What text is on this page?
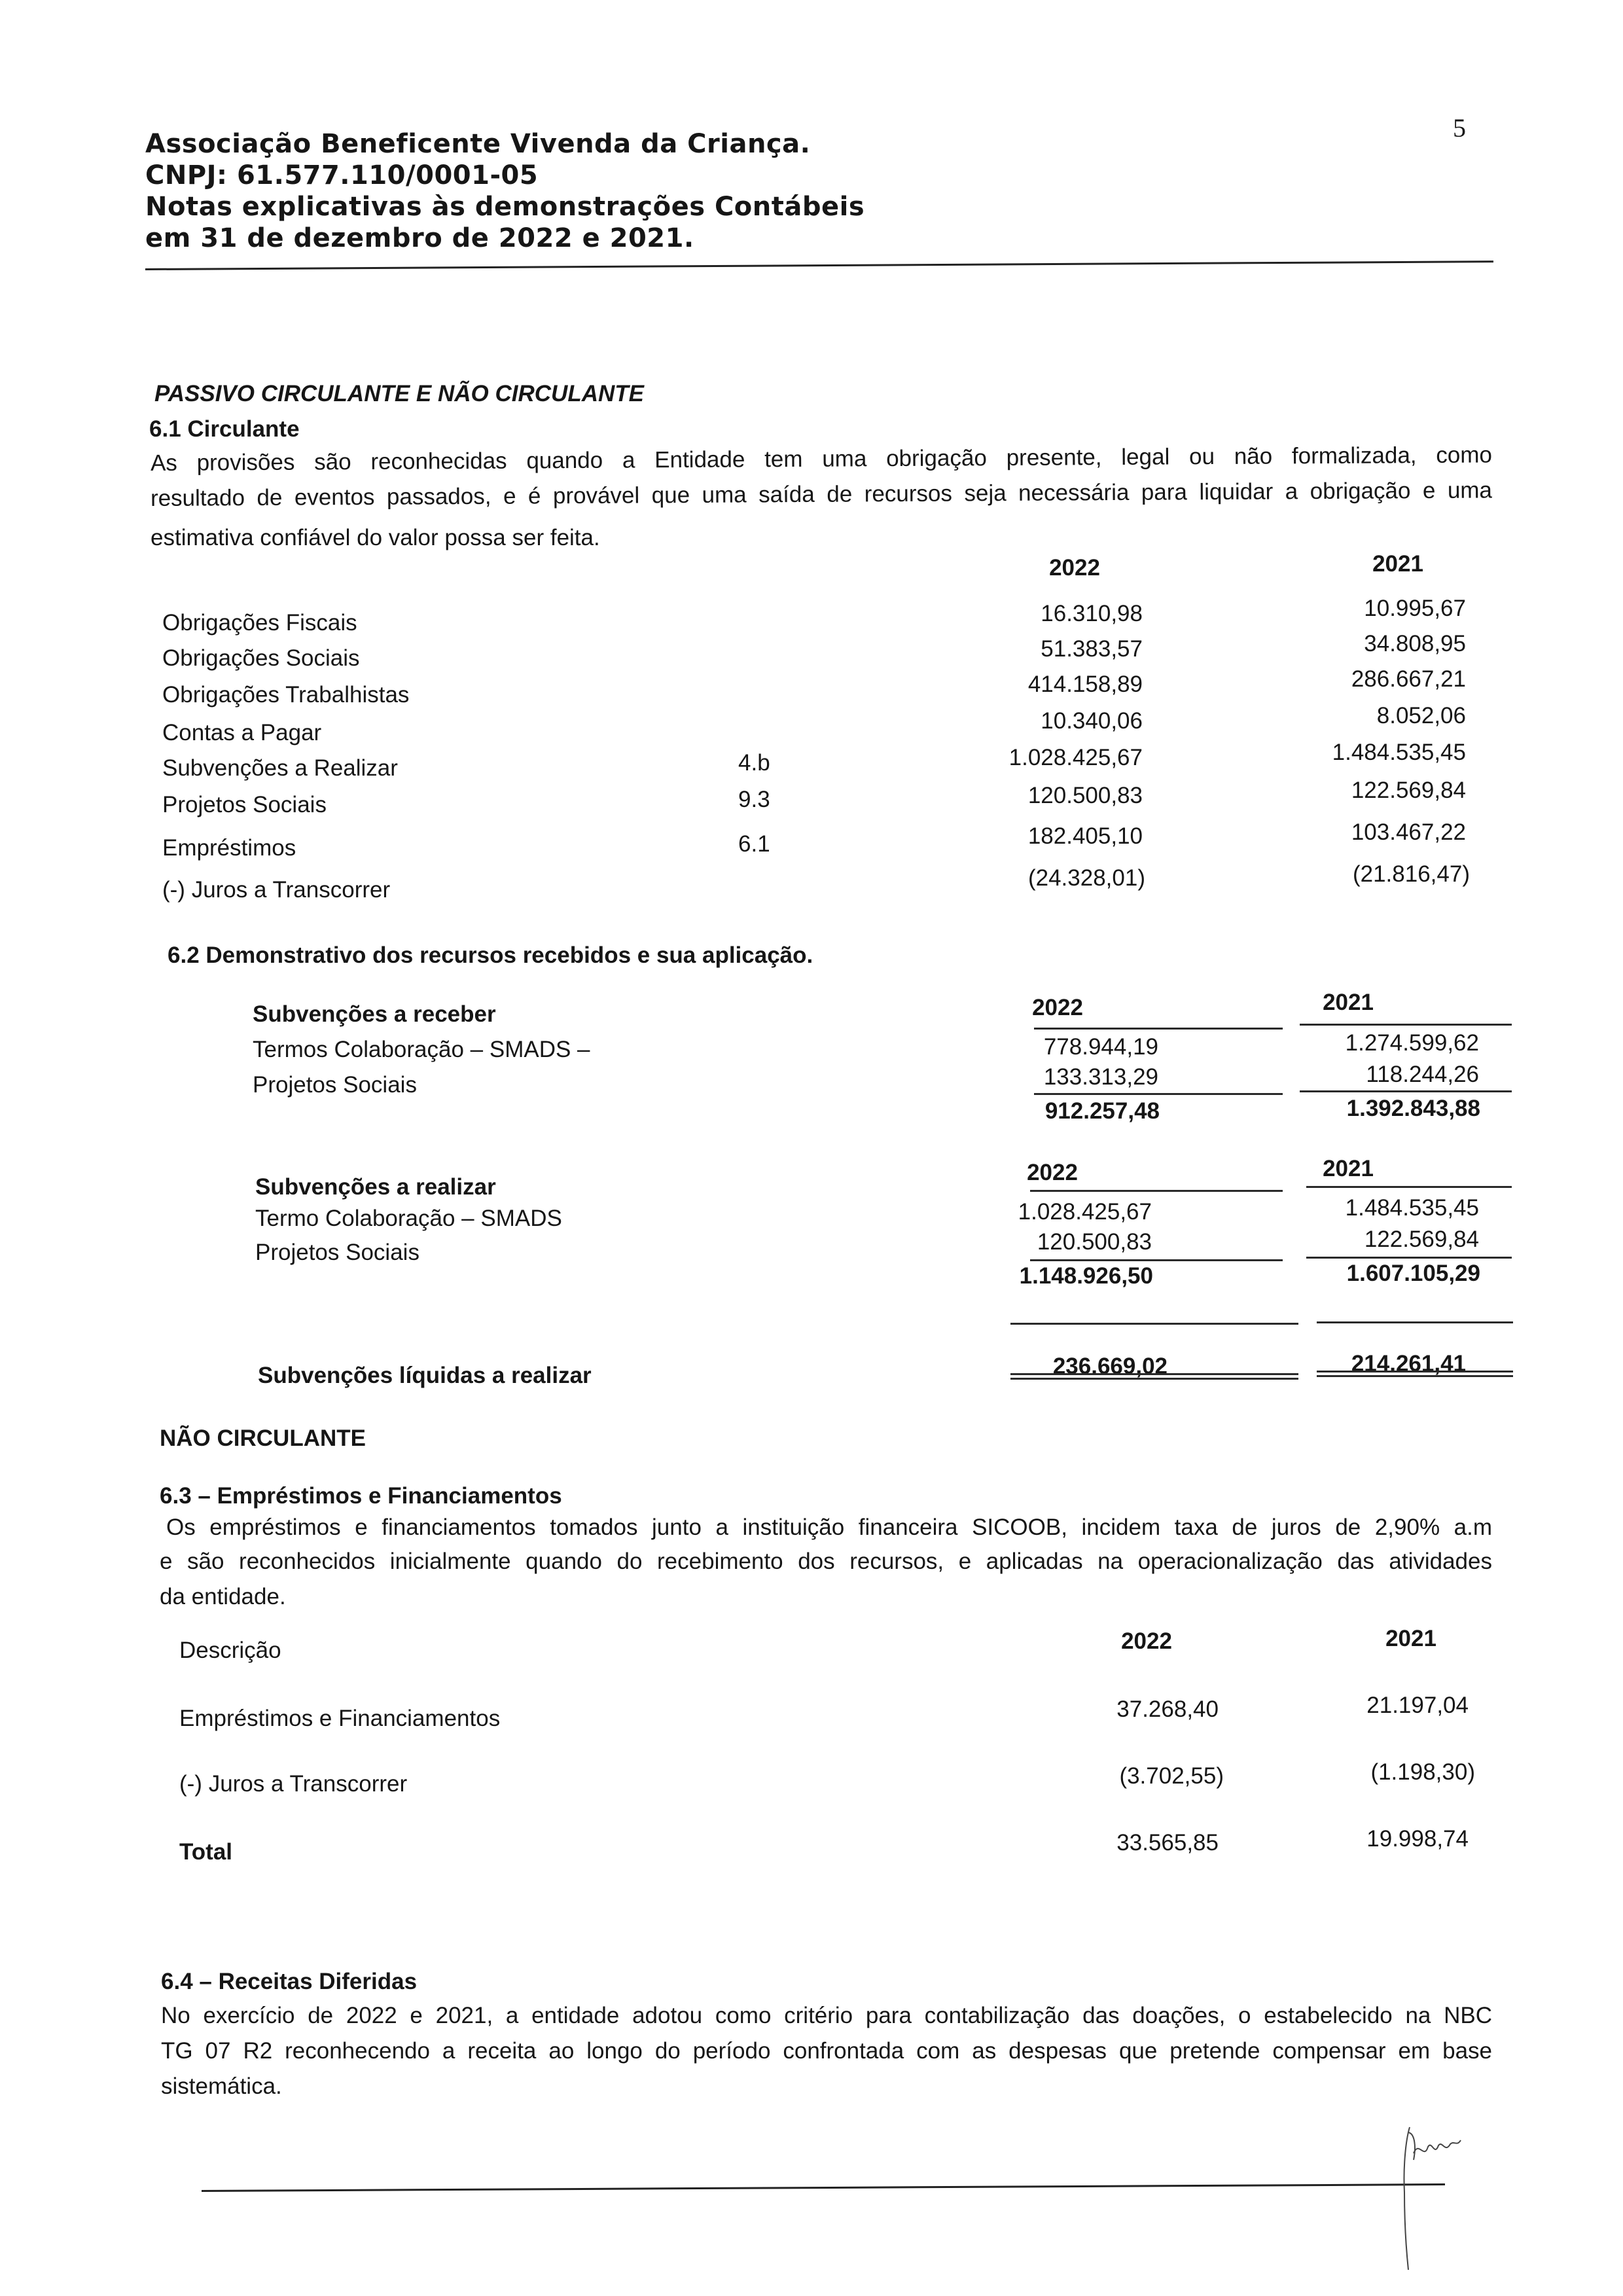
Associação Beneficente Vivenda da Criança.
CNPJ: 61.577.110/0001-05
Notas explicativas às demonstrações Contábeis
em 31 de dezembro de 2022 e 2021.
5
PASSIVO CIRCULANTE E NÃO CIRCULANTE
6.1 Circulante
As provisões são reconhecidas quando a Entidade tem uma obrigação presente, legal ou não formalizada, como
resultado de eventos passados, e é provável que uma saída de recursos seja necessária para liquidar a obrigação e uma
estimativa confiável do valor possa ser feita.
2022	2021
Obrigações Fiscais	16.310,98	10.995,67
Obrigações Sociais	51.383,57	34.808,95
Obrigações Trabalhistas	414.158,89	286.667,21
Contas a Pagar	10.340,06	8.052,06
Subvenções a Realizar	4.b	1.028.425,67	1.484.535,45
Projetos Sociais	9.3	120.500,83	122.569,84
Empréstimos	6.1	182.405,10	103.467,22
(-) Juros a Transcorrer	(24.328,01)	(21.816,47)
6.2 Demonstrativo dos recursos recebidos e sua aplicação.
Subvenções a receber	2022	2021
Termos Colaboração – SMADS –	778.944,19	1.274.599,62
Projetos Sociais	133.313,29	118.244,26
912.257,48	1.392.843,88
Subvenções a realizar
2022	2021
Termo Colaboração – SMADS	1.028.425,67	1.484.535,45
Projetos Sociais	120.500,83	122.569,84
1.148.926,50	1.607.105,29
Subvenções líquidas a realizar	236.669,02	214.261,41
NÃO CIRCULANTE
6.3 – Empréstimos e Financiamentos
Os empréstimos e financiamentos tomados junto a instituição financeira SICOOB, incidem taxa de juros de 2,90% a.m
e são reconhecidos inicialmente quando do recebimento dos recursos, e aplicadas na operacionalização das atividades
da entidade.
Descrição	2022	2021
Empréstimos e Financiamentos	37.268,40	21.197,04
(-) Juros a Transcorrer	(3.702,55)	(1.198,30)
Total	33.565,85	19.998,74
6.4 – Receitas Diferidas
No exercício de 2022 e 2021, a entidade adotou como critério para contabilização das doações, o estabelecido na NBC
TG 07 R2 reconhecendo a receita ao longo do período confrontada com as despesas que pretende compensar em base
sistemática.
